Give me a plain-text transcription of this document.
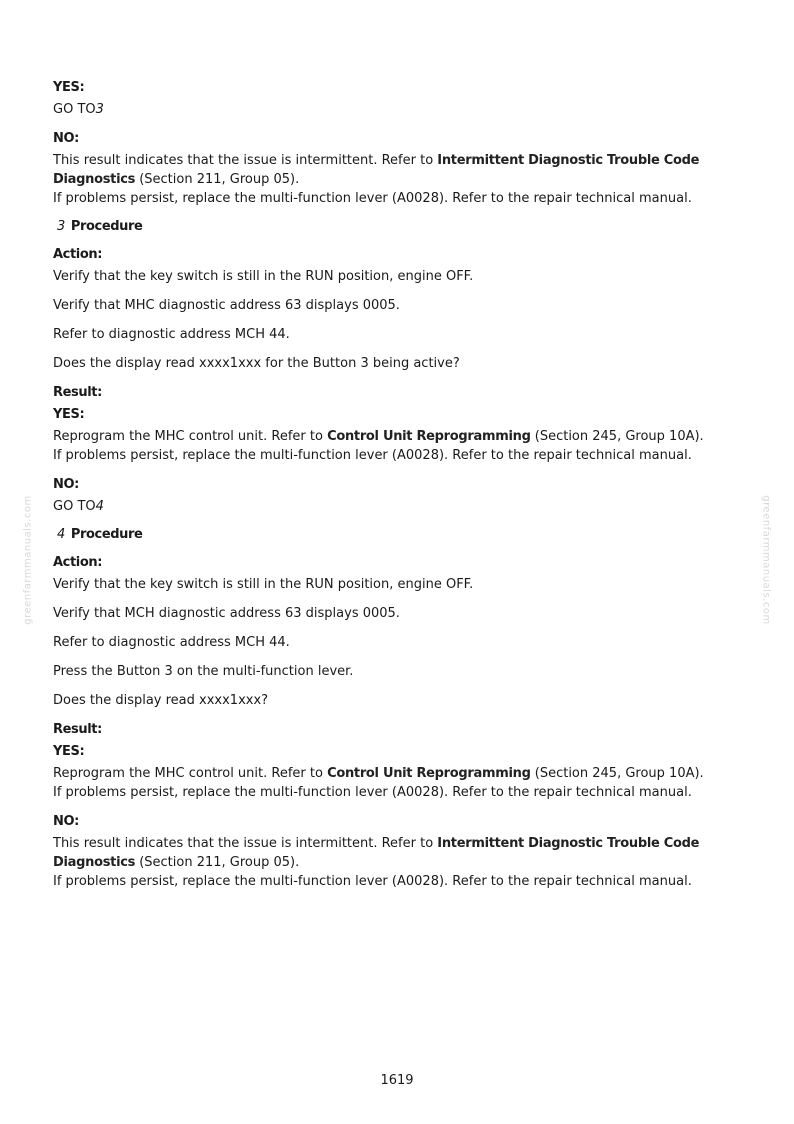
greenfarmmanuals.com	greenfarmmanuals.com

YES:

GO TO3

NO:

This result indicates that the issue is intermittent. Refer to Intermittent Diagnostic Trouble Code
Diagnostics (Section 211, Group 05).
If problems persist, replace the multi-function lever (A0028). Refer to the repair technical manual.

3 Procedure

Action:

Verify that the key switch is still in the RUN position, engine OFF.

Verify that MHC diagnostic address 63 displays 0005.

Refer to diagnostic address MCH 44.

Does the display read xxxx1xxx for the Button 3 being active?

Result:

YES:

Reprogram the MHC control unit. Refer to Control Unit Reprogramming (Section 245, Group 10A).
If problems persist, replace the multi-function lever (A0028). Refer to the repair technical manual.

NO:

GO TO4

4 Procedure

Action:

Verify that the key switch is still in the RUN position, engine OFF.

Verify that MCH diagnostic address 63 displays 0005.

Refer to diagnostic address MCH 44.

Press the Button 3 on the multi-function lever.

Does the display read xxxx1xxx?

Result:

YES:

Reprogram the MHC control unit. Refer to Control Unit Reprogramming (Section 245, Group 10A).
If problems persist, replace the multi-function lever (A0028). Refer to the repair technical manual.

NO:

This result indicates that the issue is intermittent. Refer to Intermittent Diagnostic Trouble Code
Diagnostics (Section 211, Group 05).
If problems persist, replace the multi-function lever (A0028). Refer to the repair technical manual.

1619
